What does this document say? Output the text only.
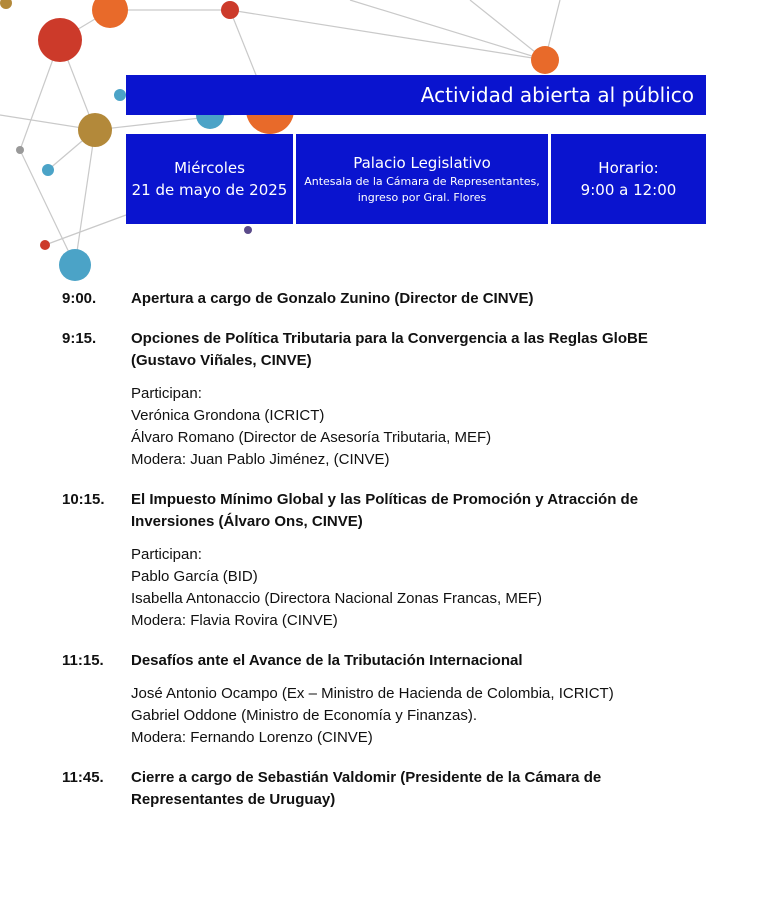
Actividad abierta al público
Miércoles
21 de mayo de 2025
Palacio Legislativo
Antesala de la Cámara de Representantes,
ingreso por Gral. Flores
Horario:
9:00 a 12:00
9:00.	Apertura a cargo de Gonzalo Zunino (Director de CINVE)
9:15.	Opciones de Política Tributaria para la Convergencia a las Reglas GloBE (Gustavo Viñales, CINVE)
Participan:
Verónica Grondona (ICRICT)
Álvaro Romano (Director de Asesoría Tributaria, MEF)
Modera: Juan Pablo Jiménez, (CINVE)
10:15.	El Impuesto Mínimo Global y las Políticas de Promoción y Atracción de Inversiones (Álvaro Ons, CINVE)
Participan:
Pablo García (BID)
Isabella Antonaccio (Directora Nacional Zonas Francas, MEF)
Modera: Flavia Rovira (CINVE)
11:15.	Desafíos ante el Avance de la Tributación Internacional
José Antonio Ocampo (Ex – Ministro de Hacienda de Colombia, ICRICT)
Gabriel Oddone (Ministro de Economía y Finanzas).
Modera: Fernando Lorenzo (CINVE)
11:45.	Cierre a cargo de Sebastián Valdomir (Presidente de la Cámara de Representantes de Uruguay)
